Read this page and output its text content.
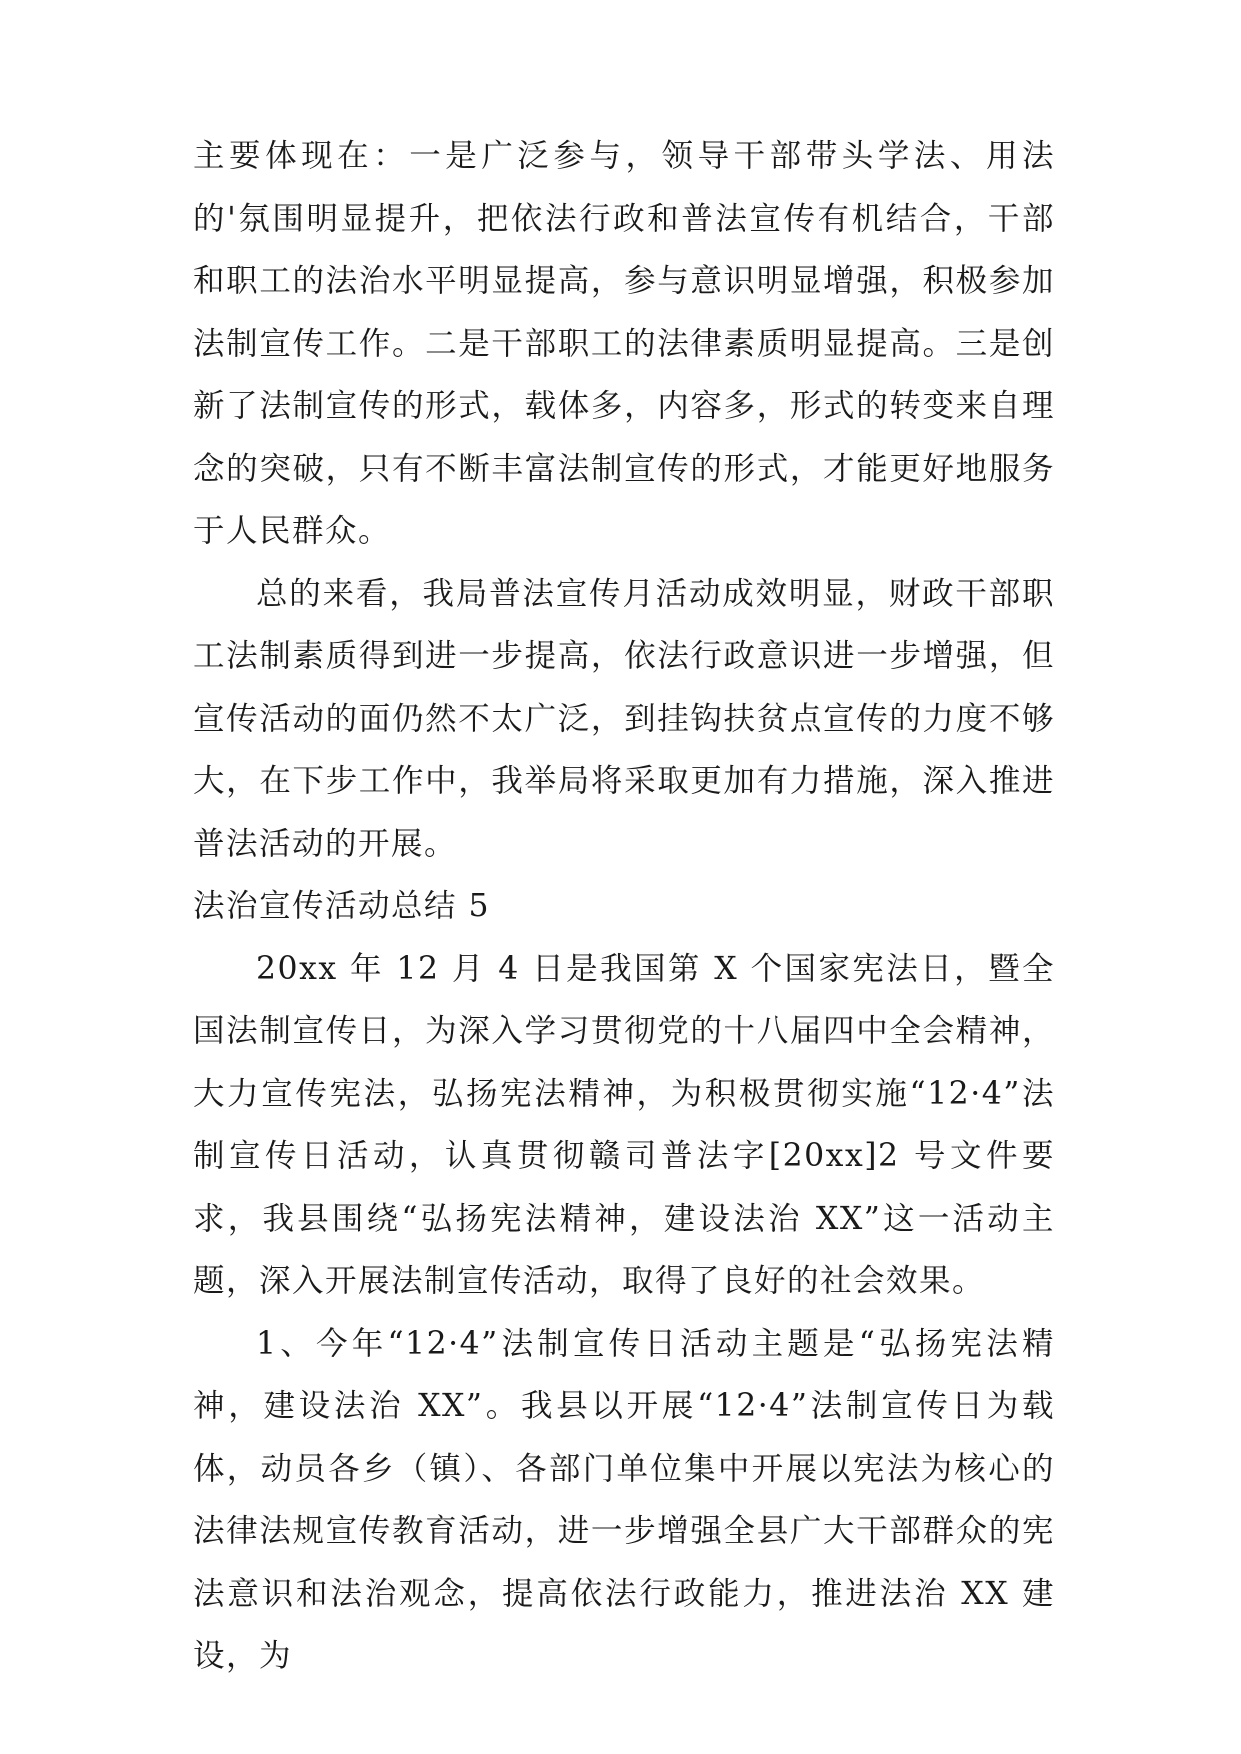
主要体现在：一是广泛参与，领导干部带头学法、用法的'氛围明显提升，把依法行政和普法宣传有机结合，干部和职工的法治水平明显提高，参与意识明显增强，积极参加法制宣传工作。二是干部职工的法律素质明显提高。三是创新了法制宣传的形式，载体多，内容多，形式的转变来自理念的突破，只有不断丰富法制宣传的形式，才能更好地服务于人民群众。

总的来看，我局普法宣传月活动成效明显，财政干部职工法制素质得到进一步提高，依法行政意识进一步增强，但宣传活动的面仍然不太广泛，到挂钩扶贫点宣传的力度不够大，在下步工作中，我举局将采取更加有力措施，深入推进普法活动的开展。

法治宣传活动总结 5

20xx 年 12 月 4 日是我国第 X 个国家宪法日，暨全国法制宣传日，为深入学习贯彻党的十八届四中全会精神，大力宣传宪法，弘扬宪法精神，为积极贯彻实施“12·4”法制宣传日活动，认真贯彻赣司普法字[20xx]2 号文件要求，我县围绕“弘扬宪法精神，建设法治 XX”这一活动主题，深入开展法制宣传活动，取得了良好的社会效果。

1、今年“12·4”法制宣传日活动主题是“弘扬宪法精神，建设法治 XX”。我县以开展“12·4”法制宣传日为载体，动员各乡（镇）、各部门单位集中开展以宪法为核心的法律法规宣传教育活动，进一步增强全县广大干部群众的宪法意识和法治观念，提高依法行政能力，推进法治 XX 建设，为
